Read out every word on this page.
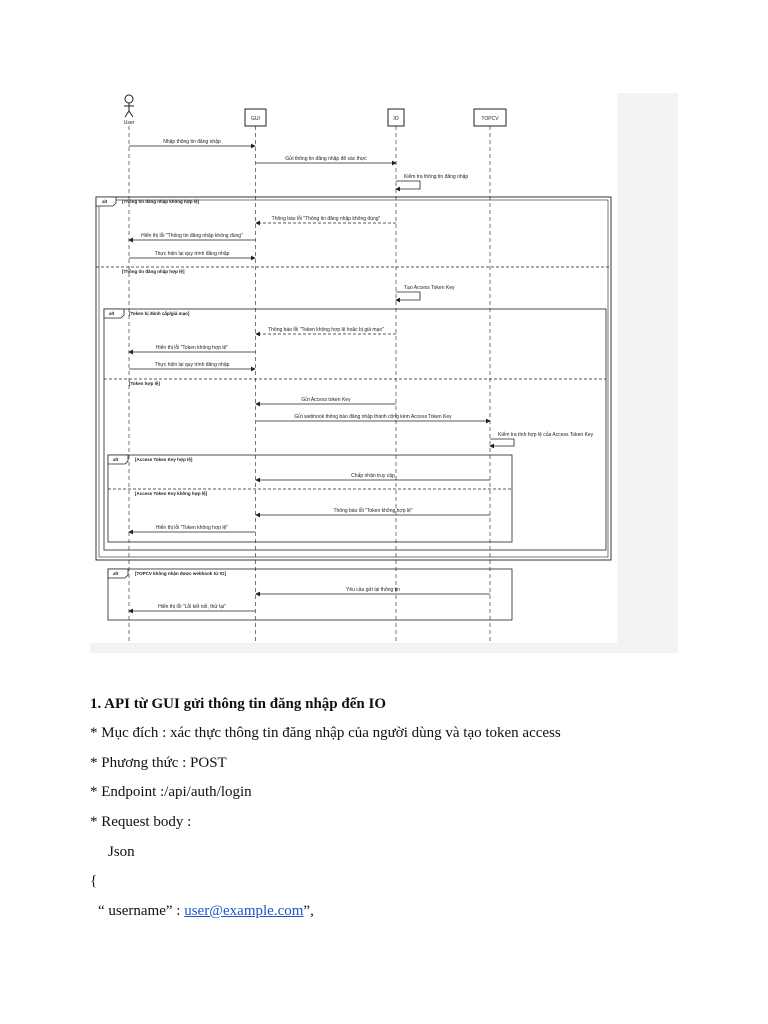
User
GUI	IO	TOPCV
alt	[Thông tin đăng nhập không hợp lệ]
[Thông tin đăng nhập hợp lệ]
alt	[Token bị đánh cắp/giả mạo]
[Token hợp lệ]
alt	[Access Token Key hợp lệ]
[Access Token Key không hợp lệ]
alt	[TOPCV không nhận được webhook từ IO]
Nhập thông tin đăng nhập
Gửi thông tin đăng nhập để xác thực
Kiểm tra thông tin đăng nhập
Thông báo lỗi "Thông tin đăng nhập không đúng"
Hiển thị lỗi "Thông tin đăng nhập không đúng"
Thực hiện lại quy trình đăng nhập
Tạo Access Token Key
Thông báo lỗi "Token không hợp lệ hoặc bị giả mạo"
Hiển thị lỗi "Token không hợp lệ"
Thực hiện lại quy trình đăng nhập
Gửi Access token Key
Gửi webhook thông báo đăng nhập thành công kèm Access Token Key
Kiểm tra tính hợp lệ của Access Token Key
Chấp nhận truy cập
Thông báo lỗi "Token không hợp lệ"
Hiển thị lỗi "Token không hợp lệ"
Yêu cầu gửi lại thông tin
Hiển thị lỗi "Lỗi kết nối, thử lại"
1. API từ GUI gửi thông tin đăng nhập đến IO
* Mục đích : xác thực thông tin đăng nhập của người dùng và tạo token access
* Phương thức : POST
* Endpoint :/api/auth/login
* Request body :
Json
{
“ username” : user@example.com”,
